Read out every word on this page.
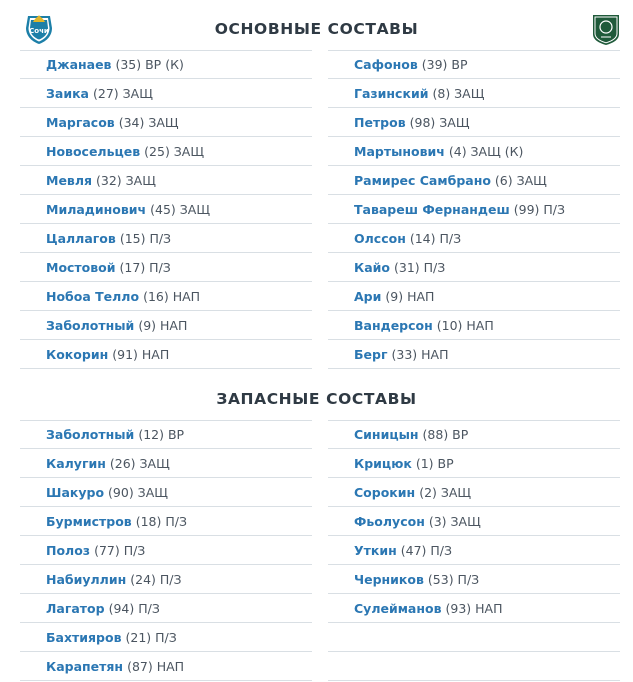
Сочи	ОСНОВНЫЕ СОСТАВЫ
Джанаев (35) ВР (К)
Заика (27) ЗАЩ
Маргасов (34) ЗАЩ
Новосельцев (25) ЗАЩ
Мевля (32) ЗАЩ
Миладинович (45) ЗАЩ
Цаллагов (15) П/З
Мостовой (17) П/З
Нобоа Телло (16) НАП
Заболотный (9) НАП
Кокорин (91) НАП
Сафонов (39) ВР
Газинский (8) ЗАЩ
Петров (98) ЗАЩ
Мартынович (4) ЗАЩ (К)
Рамирес Самбрано (6) ЗАЩ
Тавареш Фернандеш (99) П/З
Олссон (14) П/З
Кайо (31) П/З
Ари (9) НАП
Вандерсон (10) НАП
Берг (33) НАП
ЗАПАСНЫЕ СОСТАВЫ
Заболотный (12) ВР
Калугин (26) ЗАЩ
Шакуро (90) ЗАЩ
Бурмистров (18) П/З
Полоз (77) П/З
Набиуллин (24) П/З
Лагатор (94) П/З
Бахтияров (21) П/З
Карапетян (87) НАП
Синицын (88) ВР
Крицюк (1) ВР
Сорокин (2) ЗАЩ
Фьолусон (3) ЗАЩ
Уткин (47) П/З
Черников (53) П/З
Сулейманов (93) НАП
